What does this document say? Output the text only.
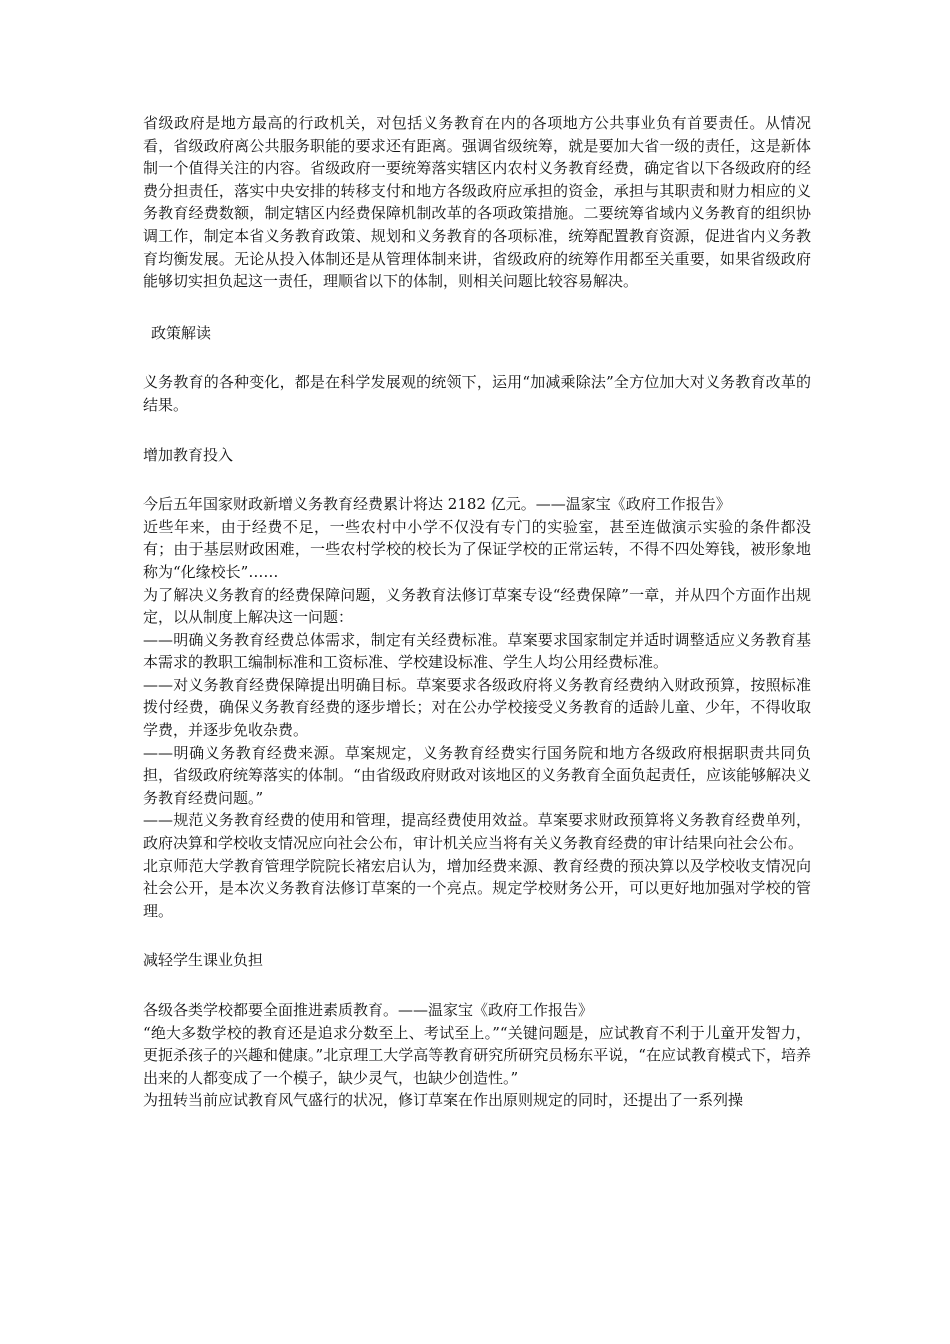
省级政府是地方最高的行政机关，对包括义务教育在内的各项地方公共事业负有首要责任。从情况看，省级政府离公共服务职能的要求还有距离。强调省级统筹，就是要加大省一级的责任，这是新体制一个值得关注的内容。省级政府一要统筹落实辖区内农村义务教育经费，确定省以下各级政府的经费分担责任，落实中央安排的转移支付和地方各级政府应承担的资金，承担与其职责和财力相应的义务教育经费数额，制定辖区内经费保障机制改革的各项政策措施。二要统筹省域内义务教育的组织协调工作，制定本省义务教育政策、规划和义务教育的各项标准，统筹配置教育资源，促进省内义务教育均衡发展。无论从投入体制还是从管理体制来讲，省级政府的统筹作用都至关重要，如果省级政府能够切实担负起这一责任，理顺省以下的体制，则相关问题比较容易解决。

政策解读

义务教育的各种变化，都是在科学发展观的统领下，运用“加减乘除法”全方位加大对义务教育改革的结果。

增加教育投入

今后五年国家财政新增义务教育经费累计将达 2182 亿元。——温家宝《政府工作报告》

近些年来，由于经费不足，一些农村中小学不仅没有专门的实验室，甚至连做演示实验的条件都没有；由于基层财政困难，一些农村学校的校长为了保证学校的正常运转，不得不四处筹钱，被形象地称为“化缘校长”……

为了解决义务教育的经费保障问题，义务教育法修订草案专设“经费保障”一章，并从四个方面作出规定，以从制度上解决这一问题：

——明确义务教育经费总体需求，制定有关经费标准。草案要求国家制定并适时调整适应义务教育基本需求的教职工编制标准和工资标准、学校建设标准、学生人均公用经费标准。

——对义务教育经费保障提出明确目标。草案要求各级政府将义务教育经费纳入财政预算，按照标准拨付经费，确保义务教育经费的逐步增长；对在公办学校接受义务教育的适龄儿童、少年，不得收取学费，并逐步免收杂费。

——明确义务教育经费来源。草案规定，义务教育经费实行国务院和地方各级政府根据职责共同负担，省级政府统筹落实的体制。“由省级政府财政对该地区的义务教育全面负起责任，应该能够解决义务教育经费问题。”

——规范义务教育经费的使用和管理，提高经费使用效益。草案要求财政预算将义务教育经费单列，政府决算和学校收支情况应向社会公布，审计机关应当将有关义务教育经费的审计结果向社会公布。

北京师范大学教育管理学院院长褚宏启认为，增加经费来源、教育经费的预决算以及学校收支情况向社会公开，是本次义务教育法修订草案的一个亮点。规定学校财务公开，可以更好地加强对学校的管理。

减轻学生课业负担

各级各类学校都要全面推进素质教育。——温家宝《政府工作报告》

“绝大多数学校的教育还是追求分数至上、考试至上。”“关键问题是，应试教育不利于儿童开发智力，更扼杀孩子的兴趣和健康。”北京理工大学高等教育研究所研究员杨东平说，“在应试教育模式下，培养出来的人都变成了一个模子，缺少灵气，也缺少创造性。”

为扭转当前应试教育风气盛行的状况，修订草案在作出原则规定的同时，还提出了一系列操
